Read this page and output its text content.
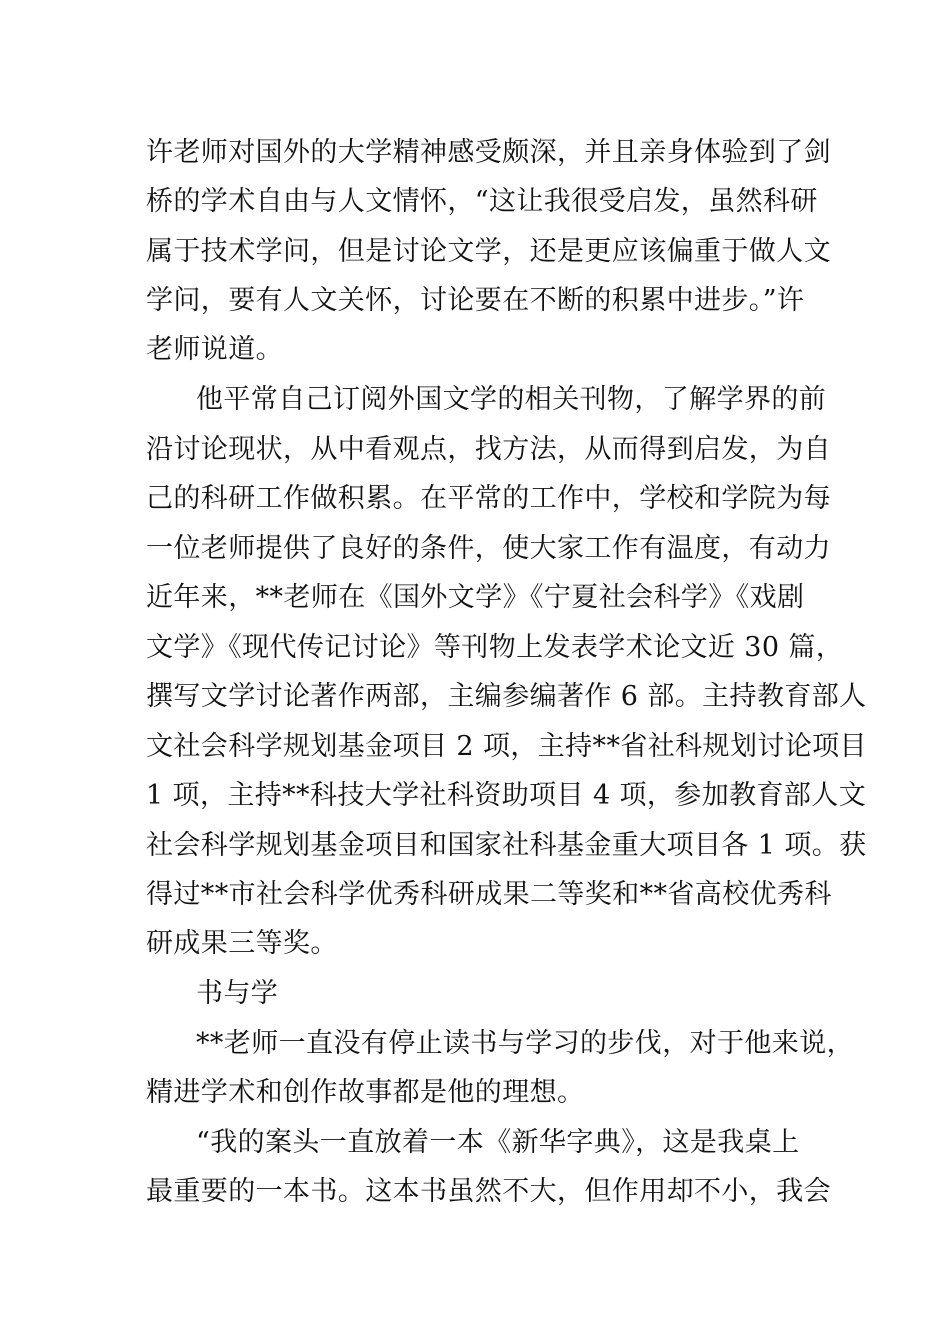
许老师对国外的大学精神感受颇深，并且亲身体验到了剑
桥的学术自由与人文情怀，“这让我很受启发，虽然科研
属于技术学问，但是讨论文学，还是更应该偏重于做人文
学问，要有人文关怀，讨论要在不断的积累中进步。”许
老师说道。
他平常自己订阅外国文学的相关刊物，了解学界的前
沿讨论现状，从中看观点，找方法，从而得到启发，为自
己的科研工作做积累。在平常的工作中，学校和学院为每
一位老师提供了良好的条件，使大家工作有温度，有动力
近年来，**老师在《国外文学》《宁夏社会科学》《戏剧
文学》《现代传记讨论》等刊物上发表学术论文近 30 篇，
撰写文学讨论著作两部，主编参编著作 6 部。主持教育部人
文社会科学规划基金项目 2 项，主持**省社科规划讨论项目
1 项，主持**科技大学社科资助项目 4 项，参加教育部人文
社会科学规划基金项目和国家社科基金重大项目各 1 项。获
得过**市社会科学优秀科研成果二等奖和**省高校优秀科
研成果三等奖。
书与学
**老师一直没有停止读书与学习的步伐，对于他来说，
精进学术和创作故事都是他的理想。
“我的案头一直放着一本《新华字典》，这是我桌上
最重要的一本书。这本书虽然不大，但作用却不小，我会
